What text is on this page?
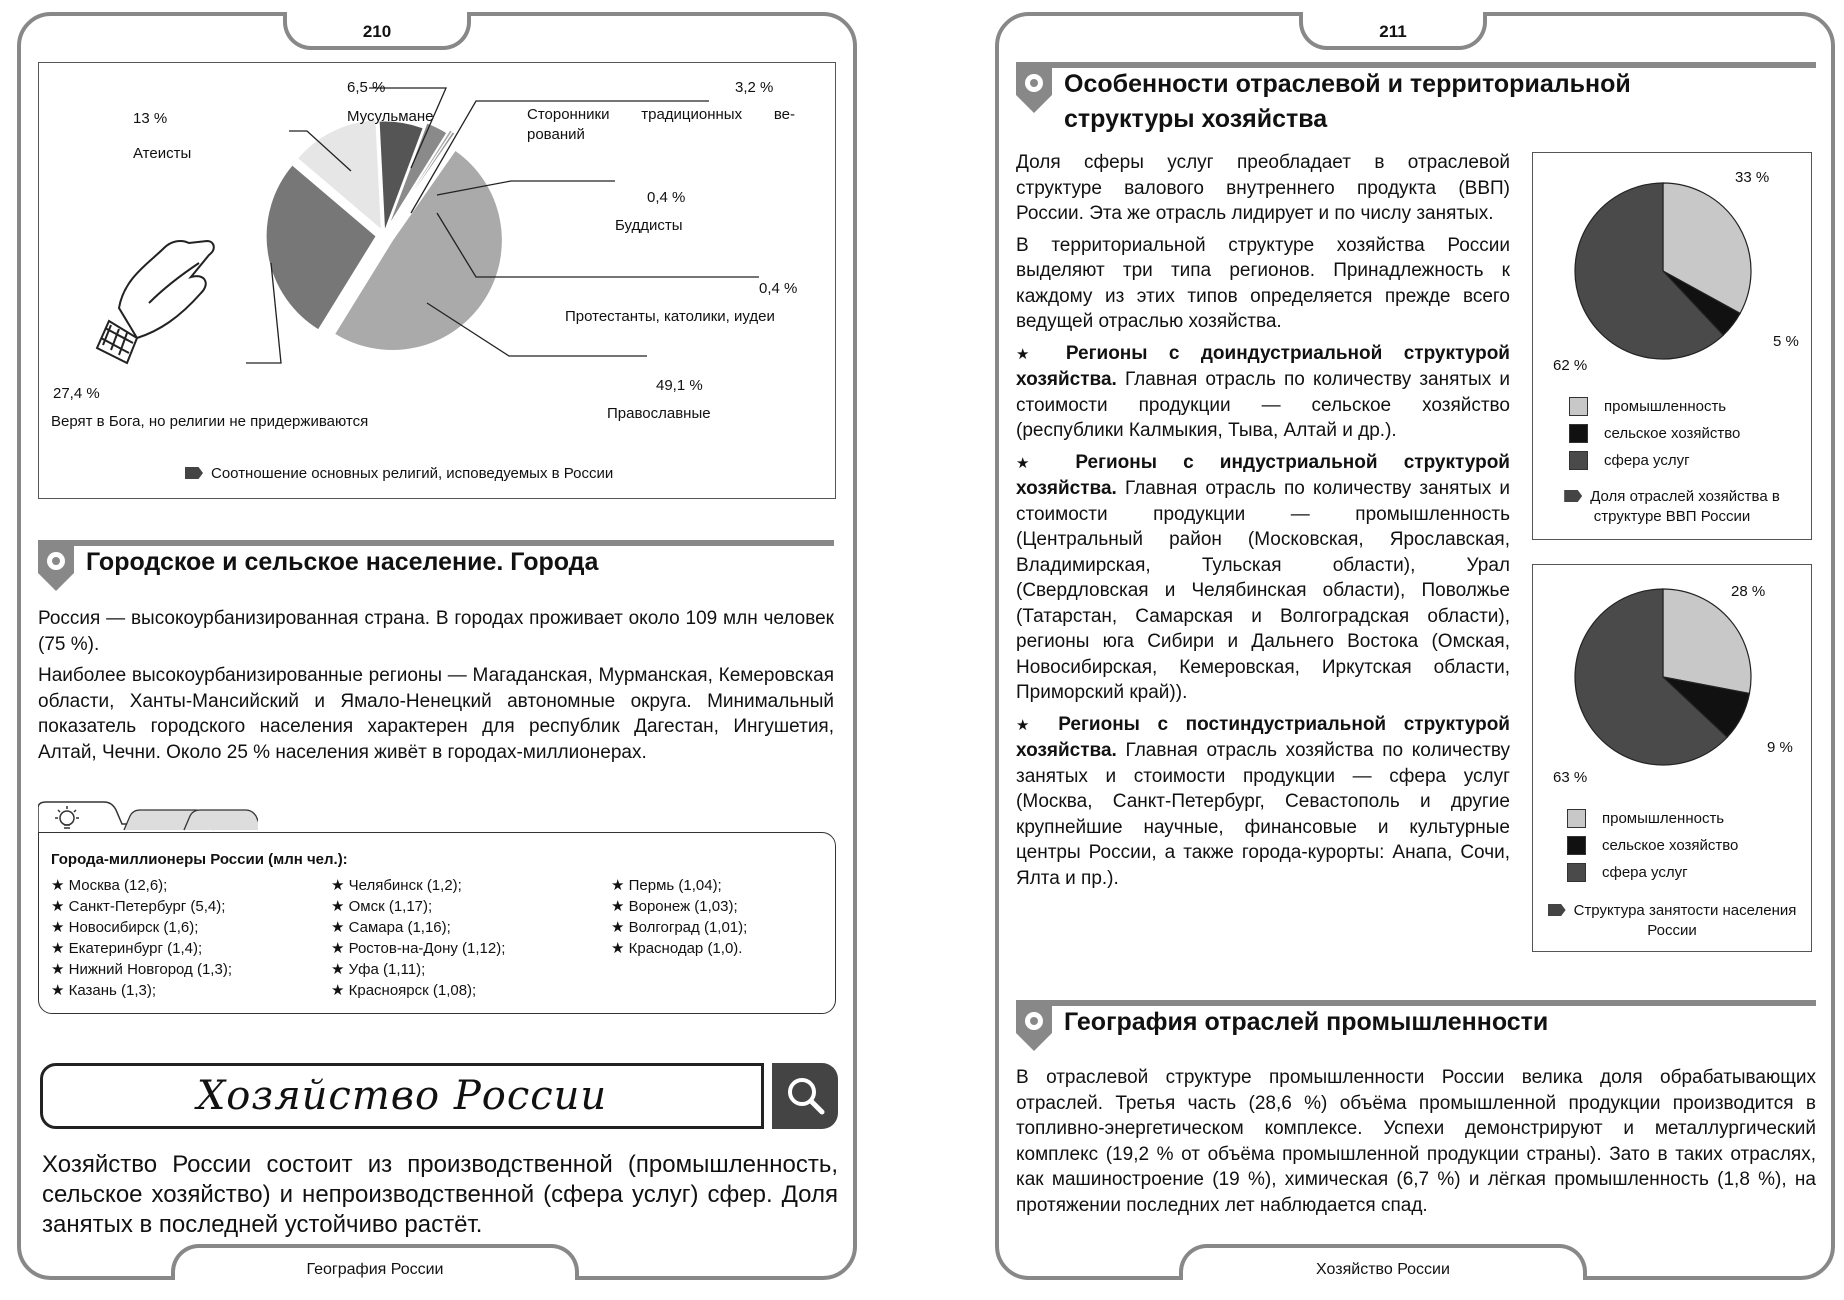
210
География России
6,5 %
Мусульмане
3,2 %
Сторонники традиционных ве- рований
13 %
Атеисты
0,4 %
Буддисты
0,4 %
Протестанты, католики, иудеи
27,4 %
Верят в Бога, но религии не придерживаются
49,1 %
Православные
Соотношение основных религий, исповедуемых в России
Городское и сельское население. Города

Россия — высокоурбанизированная страна. В городах проживает около 109 млн человек (75 %).

Наиболее высокоурбанизированные регионы — Магаданская, Мурманская, Кемеровская области, Ханты-Мансийский и Ямало-Ненецкий автономные округа. Минимальный показатель городского населения характерен для республик Дагестан, Ингушетия, Алтай, Чечни. Около 25 % населения живёт в городах-миллионерах.

Города-миллионеры России (млн чел.):
★ Москва (12,6);
★ Санкт-Петербург (5,4);
★ Новосибирск (1,6);
★ Екатеринбург (1,4);
★ Нижний Новгород (1,3);
★ Казань (1,3);
★ Челябинск (1,2);
★ Омск (1,17);
★ Самара (1,16);
★ Ростов-на-Дону (1,12);
★ Уфа (1,11);
★ Красноярск (1,08);
★ Пермь (1,04);
★ Воронеж (1,03);
★ Волгоград (1,01);
★ Краснодар (1,0).
Хозяйство России
Хозяйство России состоит из производственной (промышленность, сельское хозяйство) и непроизводственной (сфера услуг) сфер. Доля занятых в последней устойчиво растёт.
211
Хозяйство России
Особенности отраслевой и территориальной
структуры хозяйства

Доля сферы услуг преобладает в отраслевой структуре валового внутреннего продукта (ВВП) России. Эта же отрасль лидирует и по числу занятых.

В территориальной структуре хозяйства России выделяют три типа регионов. Принадлежность к каждому из этих типов определяется прежде всего ведущей отраслью хозяйства.

★ Регионы с доиндустриальной структурой хозяйства. Главная отрасль по количеству занятых и стоимости продукции — сельское хозяйство (республики Калмыкия, Тыва, Алтай и др.).

★ Регионы с индустриальной структурой хозяйства. Главная отрасль по количеству занятых и стоимости продукции — промышленность (Центральный район (Московская, Ярославская, Владимирская, Тульская области), Урал (Свердловская и Челябинская области), Поволжье (Татарстан, Самарская и Волгоградская области), регионы юга Сибири и Дальнего Востока (Омская, Новосибирская, Кемеровская, Иркутская области, Приморский край)).

★ Регионы с постиндустриальной структурой хозяйства. Главная отрасль хозяйства по количеству занятых и стоимости продукции — сфера услуг (Москва, Санкт-Петербург, Севастополь и другие крупнейшие научные, финансовые и культурные центры России, а также города-курорты: Анапа, Сочи, Ялта и пр.).

33 %
5 %
62 %
промышленность
сельское хозяйство
сфера услуг
Доля отраслей хозяйства в структуре ВВП России
28 %
9 %
63 %
промышленность
сельское хозяйство
сфера услуг
Структура занятости населения России
География отраслей промышленности
В отраслевой структуре промышленности России велика доля обрабатывающих отраслей. Третья часть (28,6 %) объёма промышленной продукции производится в топливно-энергетическом комплексе. Успехи демонстрируют и металлургический комплекс (19,2 % от объёма промышленной продукции страны). Зато в таких отраслях, как машиностроение (19 %), химическая (6,7 %) и лёгкая промышленность (1,8 %), на протяжении последних лет наблюдается спад.
